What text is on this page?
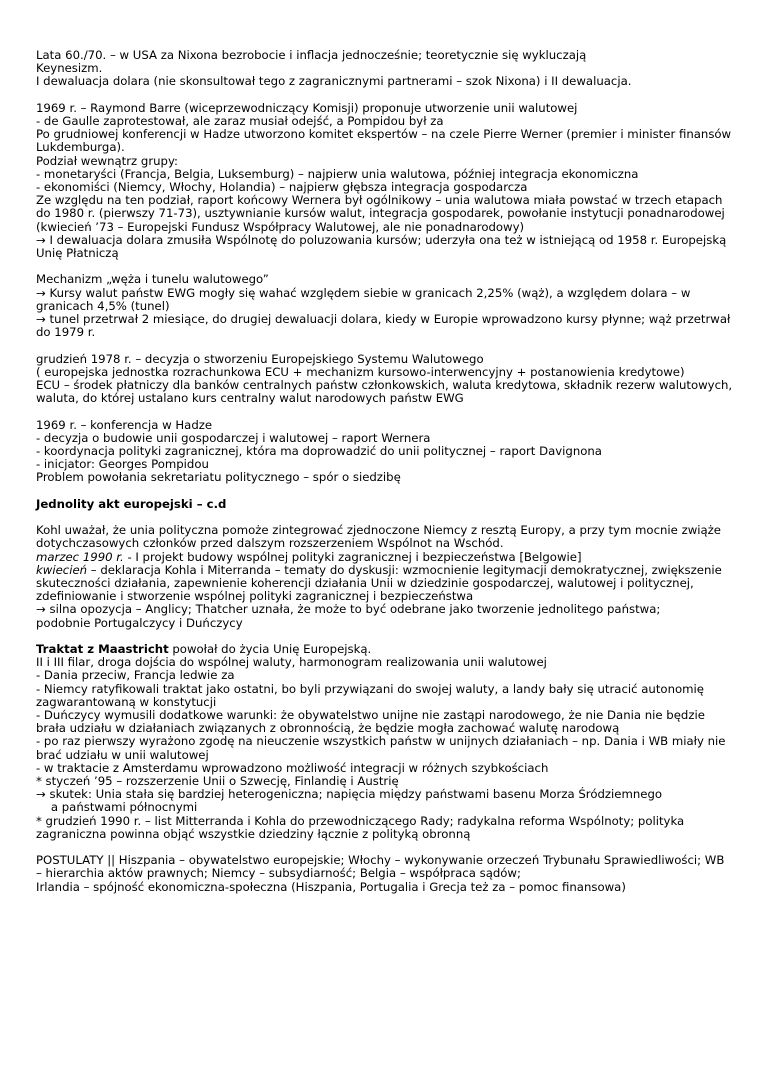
Lata 60./70. – w USA za Nixona bezrobocie i inflacja jednocześnie; teoretycznie się wykluczają
Keynesizm.
I dewaluacja dolara (nie skonsultował tego z zagranicznymi partnerami – szok Nixona) i II dewaluacja.
1969 r. – Raymond Barre (wiceprzewodniczący Komisji) proponuje utworzenie unii walutowej
- de Gaulle zaprotestował, ale zaraz musiał odejść, a Pompidou był za
Po grudniowej konferencji w Hadze utworzono komitet ekspertów – na czele Pierre Werner (premier i minister finansów
Lukdemburga).
Podział wewnątrz grupy:
- monetaryści (Francja, Belgia, Luksemburg) – najpierw unia walutowa, później integracja ekonomiczna
- ekonomiści (Niemcy, Włochy, Holandia) – najpierw głębsza integracja gospodarcza
Ze względu na ten podział, raport końcowy Wernera był ogólnikowy – unia walutowa miała powstać w trzech etapach
do 1980 r. (pierwszy 71-73), usztywnianie kursów walut, integracja gospodarek, powołanie instytucji ponadnarodowej
(kwiecień ’73 – Europejski Fundusz Współpracy Walutowej, ale nie ponadnarodowy)
→ I dewaluacja dolara zmusiła Wspólnotę do poluzowania kursów; uderzyła ona też w istniejącą od 1958 r. Europejską
Unię Płatniczą
Mechanizm „węża i tunelu walutowego”
→ Kursy walut państw EWG mogły się wahać względem siebie w granicach 2,25% (wąż), a względem dolara – w
granicach 4,5% (tunel)
→ tunel przetrwał 2 miesiące, do drugiej dewaluacji dolara, kiedy w Europie wprowadzono kursy płynne; wąż przetrwał
do 1979 r.
grudzień 1978 r. – decyzja o stworzeniu Europejskiego Systemu Walutowego
( europejska jednostka rozrachunkowa ECU + mechanizm kursowo-interwencyjny + postanowienia kredytowe)
ECU – środek płatniczy dla banków centralnych państw członkowskich, waluta kredytowa, składnik rezerw walutowych,
waluta, do której ustalano kurs centralny walut narodowych państw EWG
1969 r. – konferencja w Hadze
- decyzja o budowie unii gospodarczej i walutowej – raport Wernera
- koordynacja polityki zagranicznej, która ma doprowadzić do unii politycznej – raport Davignona
- inicjator: Georges Pompidou
Problem powołania sekretariatu politycznego – spór o siedzibę
Jednolity akt europejski – c.d
Kohl uważał, że unia polityczna pomoże zintegrować zjednoczone Niemcy z resztą Europy, a przy tym mocnie zwiąże
dotychczasowych członków przed dalszym rozszerzeniem Wspólnot na Wschód.
marzec 1990 r. - I projekt budowy wspólnej polityki zagranicznej i bezpieczeństwa [Belgowie]
kwiecień – deklaracja Kohla i Miterranda – tematy do dyskusji: wzmocnienie legitymacji demokratycznej, zwiększenie
skuteczności działania, zapewnienie koherencji działania Unii w dziedzinie gospodarczej, walutowej i politycznej,
zdefiniowanie i stworzenie wspólnej polityki zagranicznej i bezpieczeństwa
→ silna opozycja – Anglicy; Thatcher uznała, że może to być odebrane jako tworzenie jednolitego państwa;
podobnie Portugalczycy i Duńczycy
Traktat z Maastricht powołał do życia Unię Europejską.
II i III filar, droga dojścia do wspólnej waluty, harmonogram realizowania unii walutowej
- Dania przeciw, Francja ledwie za
- Niemcy ratyfikowali traktat jako ostatni, bo byli przywiązani do swojej waluty, a landy bały się utracić autonomię
zagwarantowaną w konstytucji
- Duńczycy wymusili dodatkowe warunki: że obywatelstwo unijne nie zastąpi narodowego, że nie Dania nie będzie
brała udziału w działaniach związanych z obronnością, że będzie mogła zachować walutę narodową
- po raz pierwszy wyrażono zgodę na nieuczenie wszystkich państw w unijnych działaniach – np. Dania i WB miały nie
brać udziału w unii walutowej
- w traktacie z Amsterdamu wprowadzono możliwość integracji w różnych szybkościach
* styczeń ’95 – rozszerzenie Unii o Szwecję, Finlandię i Austrię
→ skutek: Unia stała się bardziej heterogeniczna; napięcia między państwami basenu Morza Śródziemnego
a państwami północnymi
* grudzień 1990 r. – list Mitterranda i Kohla do przewodniczącego Rady; radykalna reforma Wspólnoty; polityka
zagraniczna powinna objąć wszystkie dziedziny łącznie z polityką obronną
POSTULATY || Hiszpania – obywatelstwo europejskie; Włochy – wykonywanie orzeczeń Trybunału Sprawiedliwości; WB
– hierarchia aktów prawnych; Niemcy – subsydiarność; Belgia – współpraca sądów;
Irlandia – spójność ekonomiczna-społeczna (Hiszpania, Portugalia i Grecja też za – pomoc finansowa)
